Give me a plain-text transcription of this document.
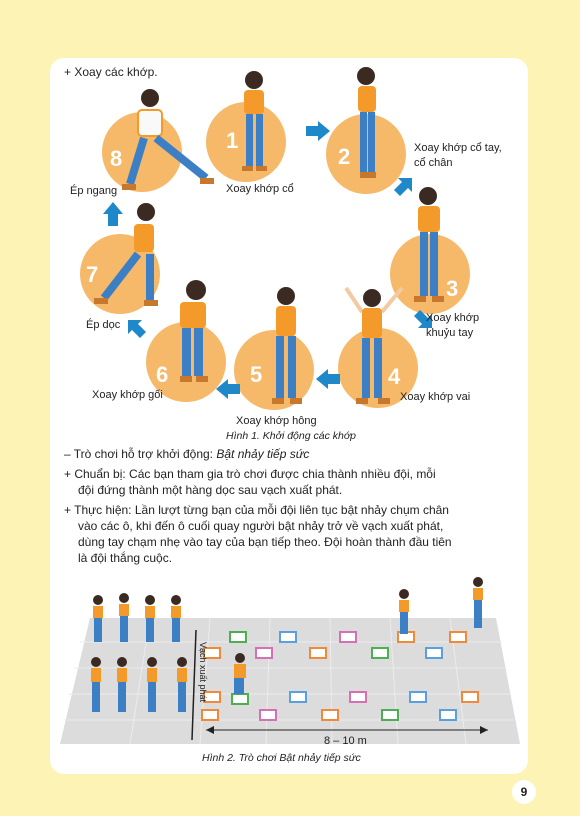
+ Xoay các khớp.
1
2
3
4
5
6
7
8
Xoay khớp cổ
Xoay khớp cổ tay,
cổ chân
Xoay khớp
khuỷu tay
Xoay khớp vai
Xoay khớp hông
Xoay khớp gối
Ép dọc
Ép ngang
Hình 1. Khởi động các khớp
– Trò chơi hỗ trợ khởi động: Bật nhảy tiếp sức
+ Chuẩn bị: Các bạn tham gia trò chơi được chia thành nhiều đội, mỗi
đội đứng thành một hàng dọc sau vạch xuất phát.
+ Thực hiện: Lần lượt từng bạn của mỗi đội liên tục bật nhảy chụm chân
vào các ô, khi đến ô cuối quay người bật nhảy trở về vạch xuất phát,
dùng tay chạm nhẹ vào tay của bạn tiếp theo. Đội hoàn thành đầu tiên
là đội thắng cuộc.
Vạch xuất phát
8 – 10 m
Hình 2. Trò chơi Bật nhảy tiếp sức
9
